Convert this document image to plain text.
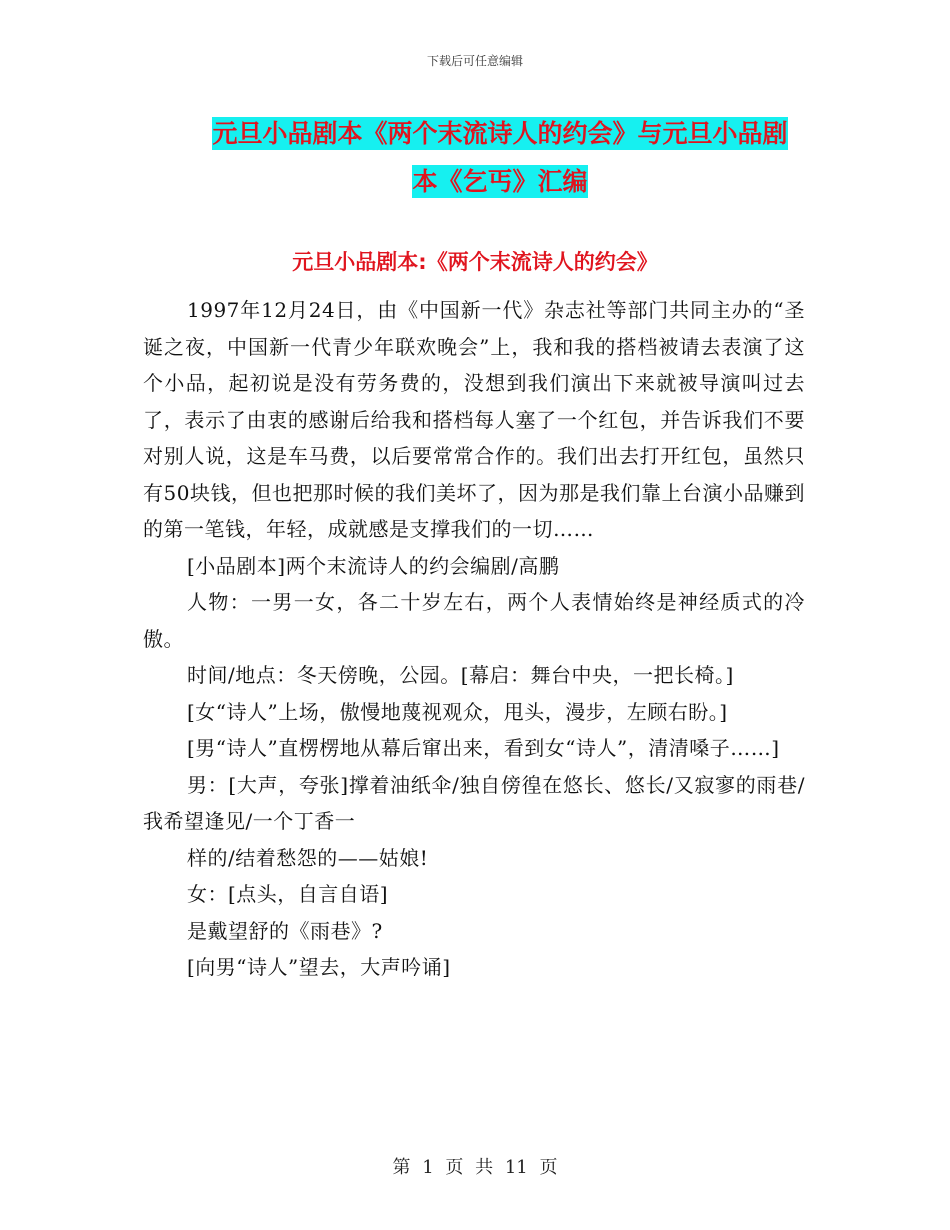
下载后可任意编辑
元旦小品剧本《两个末流诗人的约会》与元旦小品剧
本《乞丐》汇编
元旦小品剧本:《两个末流诗人的约会》

1997年12月24日，由《中国新一代》杂志社等部门共同主办的“圣诞之夜，中国新一代青少年联欢晚会”上，我和我的搭档被请去表演了这个小品，起初说是没有劳务费的，没想到我们演出下来就被导演叫过去了，表示了由衷的感谢后给我和搭档每人塞了一个红包，并告诉我们不要对别人说，这是车马费，以后要常常合作的。我们出去打开红包，虽然只有50块钱，但也把那时候的我们美坏了，因为那是我们靠上台演小品赚到的第一笔钱，年轻，成就感是支撑我们的一切……

[小品剧本]两个末流诗人的约会编剧/高鹏

人物：一男一女，各二十岁左右，两个人表情始终是神经质式的冷傲。

时间/地点：冬天傍晚，公园。[幕启：舞台中央，一把长椅。]

[女“诗人”上场，傲慢地蔑视观众，甩头，漫步，左顾右盼。]

[男“诗人”直楞楞地从幕后窜出来，看到女“诗人”，清清嗓子……]

男：[大声，夸张]撑着油纸伞/独自傍徨在悠长、悠长/又寂寥的雨巷/我希望逢见/一个丁香一

样的/结着愁怨的——姑娘!

女：[点头，自言自语]

是戴望舒的《雨巷》?

[向男“诗人”望去，大声吟诵]

第 1 页 共 11 页
